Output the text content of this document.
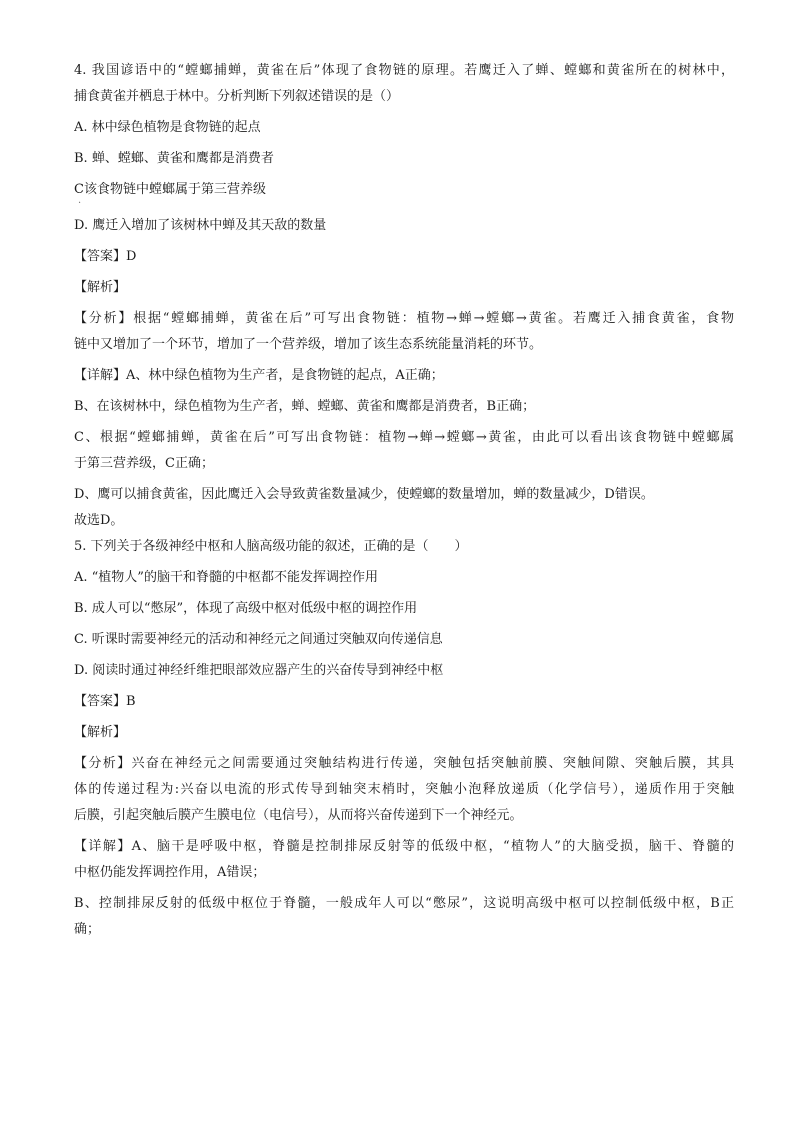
4. 我国谚语中的“螳螂捕蝉，黄雀在后”体现了食物链的原理。若鹰迁入了蝉、螳螂和黄雀所在的树林中，
捕食黄雀并栖息于林中。分析判断下列叙述错误的是（）
A. 林中绿色植物是食物链的起点
B. 蝉、螳螂、黄雀和鹰都是消费者
C该食物链中螳螂属于第三营养级
·
D. 鹰迁入增加了该树林中蝉及其天敌的数量
【答案】D
【解析】
【分析】根据“螳螂捕蝉，黄雀在后”可写出食物链：植物→蝉→螳螂→黄雀。若鹰迁入捕食黄雀，食物
链中又增加了一个环节，增加了一个营养级，增加了该生态系统能量消耗的环节。
【详解】A、林中绿色植物为生产者，是食物链的起点，A正确；
B、在该树林中，绿色植物为生产者，蝉、螳螂、黄雀和鹰都是消费者，B正确；
C、根据“螳螂捕蝉，黄雀在后”可写出食物链：植物→蝉→螳螂→黄雀，由此可以看出该食物链中螳螂属
于第三营养级，C正确；
D、鹰可以捕食黄雀，因此鹰迁入会导致黄雀数量减少，使螳螂的数量增加，蝉的数量减少，D错误。
故选D。
5. 下列关于各级神经中枢和人脑高级功能的叙述，正确的是（　　）
A. “植物人”的脑干和脊髓的中枢都不能发挥调控作用
B. 成人可以“憋尿”，体现了高级中枢对低级中枢的调控作用
C. 听课时需要神经元的活动和神经元之间通过突触双向传递信息
D. 阅读时通过神经纤维把眼部效应器产生的兴奋传导到神经中枢
【答案】B
【解析】
【分析】兴奋在神经元之间需要通过突触结构进行传递，突触包括突触前膜、突触间隙、突触后膜，其具
体的传递过程为:兴奋以电流的形式传导到轴突末梢时，突触小泡释放递质（化学信号），递质作用于突触
后膜，引起突触后膜产生膜电位（电信号），从而将兴奋传递到下一个神经元。
【详解】A、脑干是呼吸中枢，脊髓是控制排尿反射等的低级中枢，“植物人”的大脑受损，脑干、脊髓的
中枢仍能发挥调控作用，A错误；
B、控制排尿反射的低级中枢位于脊髓，一般成年人可以“憋尿”，这说明高级中枢可以控制低级中枢，B正
确；
